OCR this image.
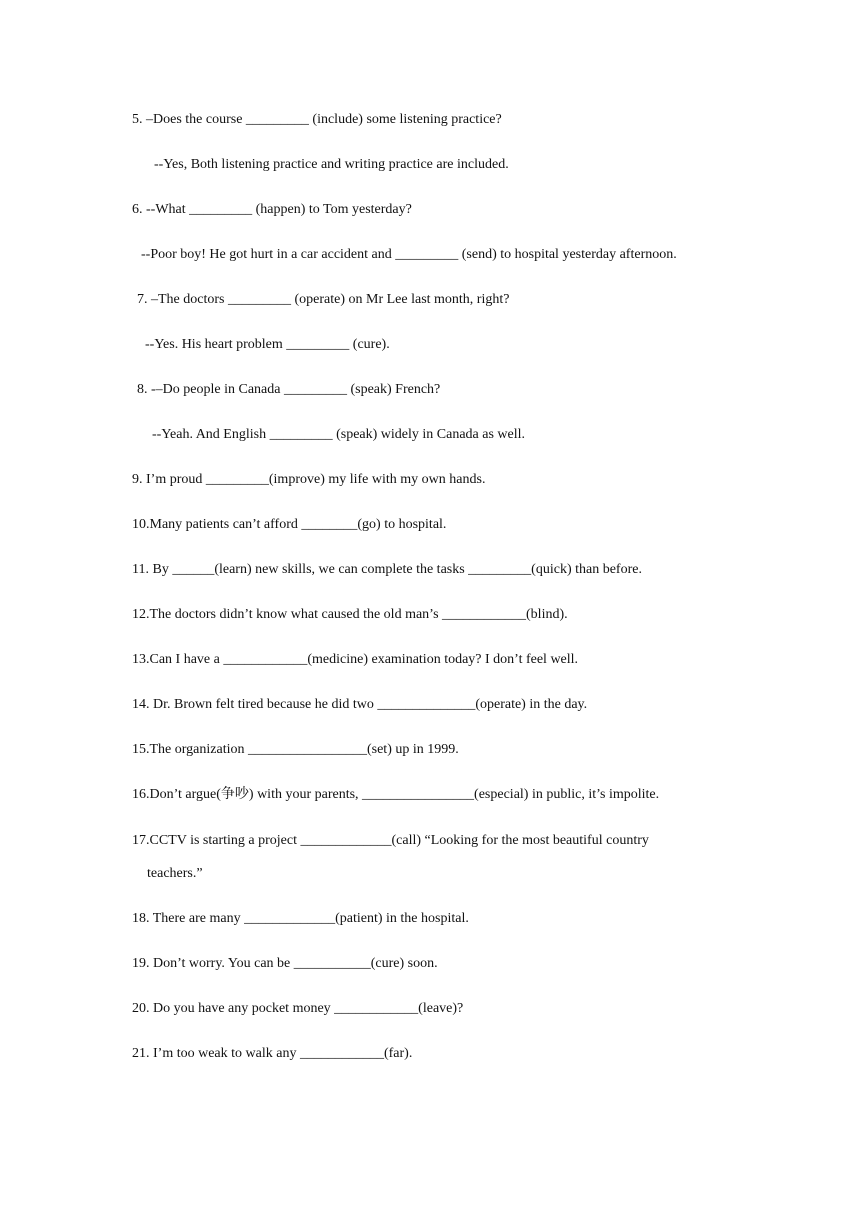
5. –Does the course _________ (include) some listening practice?
--Yes, Both listening practice and writing practice are included.
6. --What _________ (happen) to Tom yesterday?
--Poor boy! He got hurt in a car accident and _________ (send) to hospital yesterday afternoon.
7. –The doctors _________ (operate) on Mr Lee last month, right?
--Yes. His heart problem _________ (cure).
8. -–Do people in Canada _________ (speak) French?
--Yeah. And English _________ (speak) widely in Canada as well.
9. I’m proud _________(improve) my life with my own hands.
10.Many patients can’t afford ________(go) to hospital.
11. By ______(learn) new skills, we can complete the tasks _________(quick) than before.
12.The doctors didn’t know what caused the old man’s ____________(blind).
13.Can I have a ____________(medicine) examination today? I don’t feel well.
14. Dr. Brown felt tired because he did two ______________(operate) in the day.
15.The organization _________________(set) up in 1999.
16.Don’t argue(争吵) with your parents, ________________(especial) in public, it’s impolite.
17.CCTV is starting a project _____________(call) “Looking for the most beautiful country
teachers.”
18. There are many _____________(patient) in the hospital.
19. Don’t worry. You can be ___________(cure) soon.
20. Do you have any pocket money ____________(leave)?
21. I’m too weak to walk any ____________(far).
